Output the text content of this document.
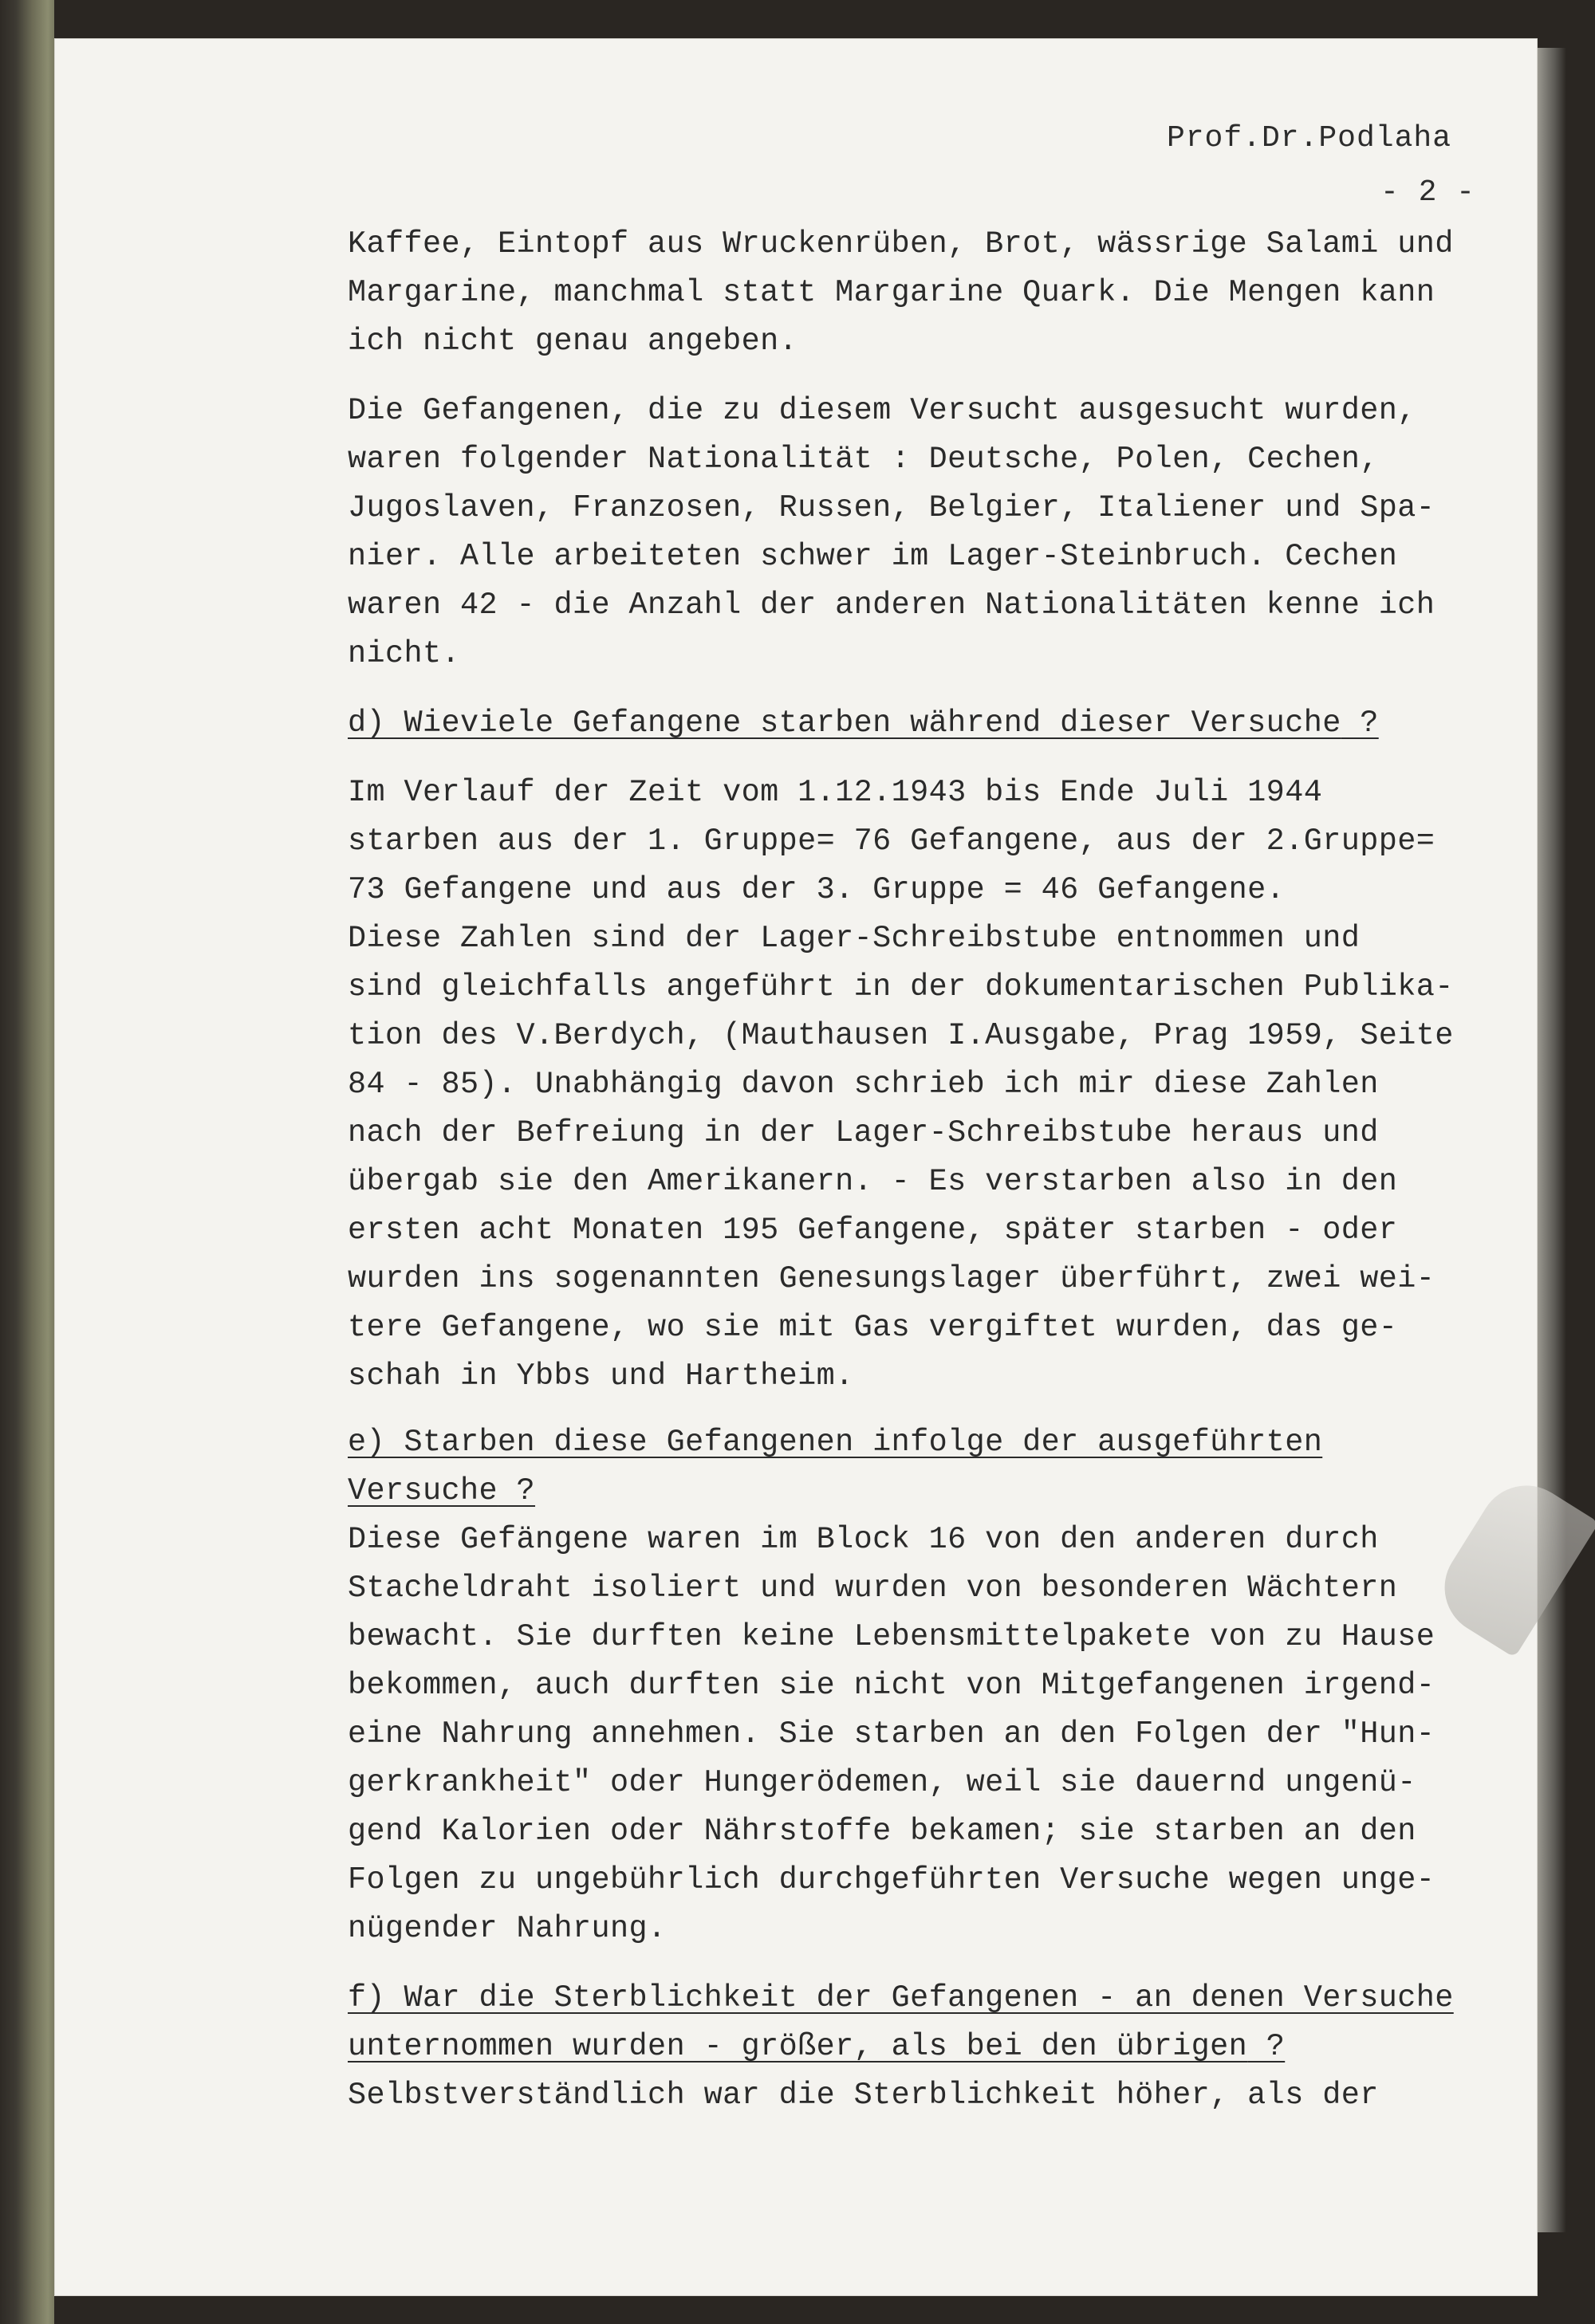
Prof.Dr.Podlaha
- 2 -
Kaffee, Eintopf aus Wruckenrüben, Brot, wässrige Salami und
Margarine, manchmal statt Margarine Quark. Die Mengen kann
ich nicht genau angeben.
Die Gefangenen, die zu diesem Versucht ausgesucht wurden,
waren folgender Nationalität : Deutsche, Polen, Cechen,
Jugoslaven, Franzosen, Russen, Belgier, Italiener und Spa-
nier. Alle arbeiteten schwer im Lager-Steinbruch. Cechen
waren 42 - die Anzahl der anderen Nationalitäten kenne ich
nicht.
d) Wieviele Gefangene starben während dieser Versuche ?
Im Verlauf der Zeit vom 1.12.1943 bis Ende Juli 1944
starben aus der 1. Gruppe= 76 Gefangene, aus der 2.Gruppe=
73 Gefangene und aus der 3. Gruppe = 46 Gefangene.
Diese Zahlen sind der Lager-Schreibstube entnommen und
sind gleichfalls angeführt in der dokumentarischen Publika-
tion des V.Berdych, (Mauthausen I.Ausgabe, Prag 1959, Seite
84 - 85). Unabhängig davon schrieb ich mir diese Zahlen
nach der Befreiung in der Lager-Schreibstube heraus und
übergab sie den Amerikanern. - Es verstarben also in den
ersten acht Monaten 195 Gefangene, später starben - oder
wurden ins sogenannten Genesungslager überführt, zwei wei-
tere Gefangene, wo sie mit Gas vergiftet wurden, das ge-
schah in Ybbs und Hartheim.
e) Starben diese Gefangenen infolge der ausgeführten
Versuche ?
Diese Gefängene waren im Block 16 von den anderen durch
Stacheldraht isoliert und wurden von besonderen Wächtern
bewacht. Sie durften keine Lebensmittelpakete von zu Hause
bekommen, auch durften sie nicht von Mitgefangenen irgend-
eine Nahrung annehmen. Sie starben an den Folgen der "Hun-
gerkrankheit" oder Hungerödemen, weil sie dauernd ungenü-
gend Kalorien oder Nährstoffe bekamen; sie starben an den
Folgen zu ungebührlich durchgeführten Versuche wegen unge-
nügender Nahrung.
f) War die Sterblichkeit der Gefangenen - an denen Versuche
unternommen wurden - größer, als bei den übrigen ?
Selbstverständlich war die Sterblichkeit höher, als der
